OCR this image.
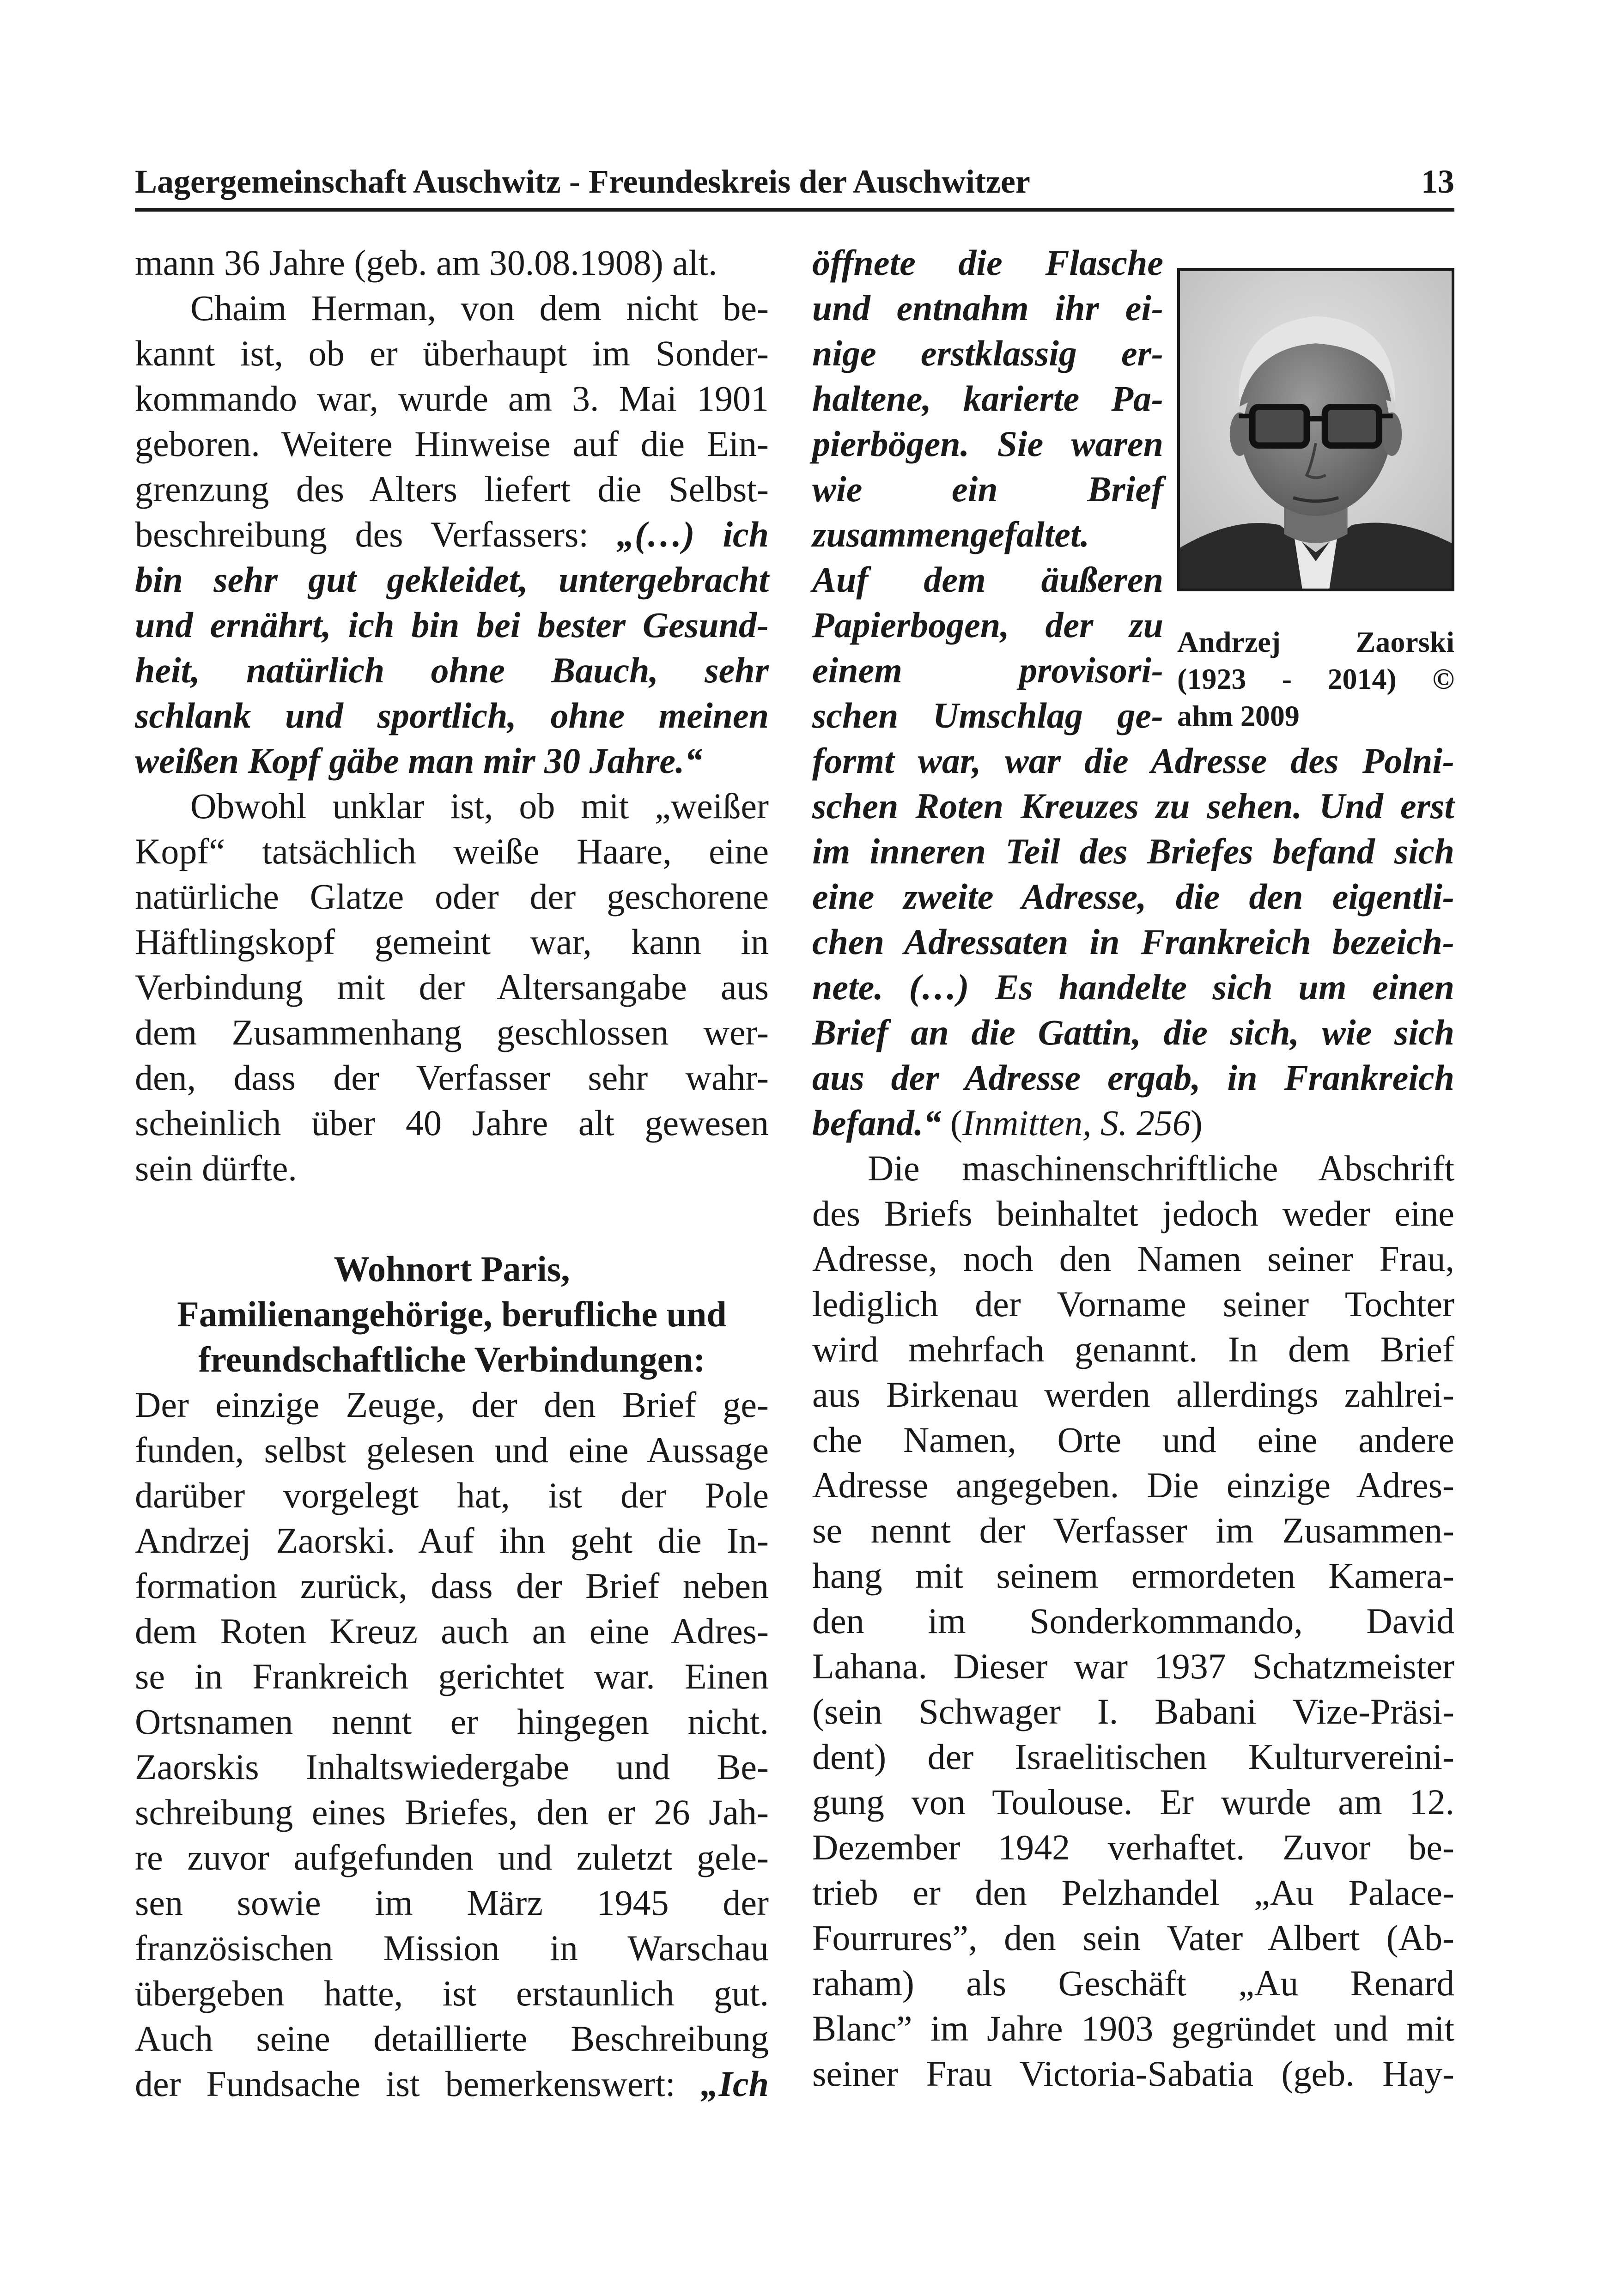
Lagergemeinschaft Auschwitz - Freundeskreis der Auschwitzer	13
mann 36 Jahre (geb. am 30.08.1908) alt.
Chaim Herman, von dem nicht be-
kannt ist, ob er überhaupt im Sonder-
kommando war, wurde am 3. Mai 1901
geboren. Weitere Hinweise auf die Ein-
grenzung des Alters liefert die Selbst-
beschreibung des Verfassers: „(…) ich
bin sehr gut gekleidet, untergebracht
und ernährt, ich bin bei bester Gesund-
heit, natürlich ohne Bauch, sehr
schlank und sportlich, ohne meinen
weißen Kopf gäbe man mir 30 Jahre.“
Obwohl unklar ist, ob mit „weißer
Kopf“ tatsächlich weiße Haare, eine
natürliche Glatze oder der geschorene
Häftlingskopf gemeint war, kann in
Verbindung mit der Altersangabe aus
dem Zusammenhang geschlossen wer-
den, dass der Verfasser sehr wahr-
scheinlich über 40 Jahre alt gewesen
sein dürfte.
Wohnort Paris,
Familienangehörige, berufliche und
freundschaftliche Verbindungen:
Der einzige Zeuge, der den Brief ge-
funden, selbst gelesen und eine Aussage
darüber vorgelegt hat, ist der Pole
Andrzej Zaorski. Auf ihn geht die In-
formation zurück, dass der Brief neben
dem Roten Kreuz auch an eine Adres-
se in Frankreich gerichtet war. Einen
Ortsnamen nennt er hingegen nicht.
Zaorskis Inhaltswiedergabe und Be-
schreibung eines Briefes, den er 26 Jah-
re zuvor aufgefunden und zuletzt gele-
sen sowie im März 1945 der
französischen Mission in Warschau
übergeben hatte, ist erstaunlich gut.
Auch seine detaillierte Beschreibung
der Fundsache ist bemerkenswert: „Ich
öffnete die Flasche
und entnahm ihr ei-
nige erstklassig er-
haltene, karierte Pa-
pierbögen. Sie waren
wie ein Brief
zusammengefaltet.
Auf dem äußeren
Papierbogen, der zu
einem provisori-
schen Umschlag ge-
formt war, war die Adresse des Polni-
schen Roten Kreuzes zu sehen. Und erst
im inneren Teil des Briefes befand sich
eine zweite Adresse, die den eigentli-
chen Adressaten in Frankreich bezeich-
nete. (…) Es handelte sich um einen
Brief an die Gattin, die sich, wie sich
aus der Adresse ergab, in Frankreich
befand.“ (Inmitten, S. 256)
Die maschinenschriftliche Abschrift
des Briefs beinhaltet jedoch weder eine
Adresse, noch den Namen seiner Frau,
lediglich der Vorname seiner Tochter
wird mehrfach genannt. In dem Brief
aus Birkenau werden allerdings zahlrei-
che Namen, Orte und eine andere
Adresse angegeben. Die einzige Adres-
se nennt der Verfasser im Zusammen-
hang mit seinem ermordeten Kamera-
den im Sonderkommando, David
Lahana. Dieser war 1937 Schatzmeister
(sein Schwager I. Babani Vize-Präsi-
dent) der Israelitischen Kulturvereini-
gung von Toulouse. Er wurde am 12.
Dezember 1942 verhaftet. Zuvor be-
trieb er den Pelzhandel „Au Palace-
Fourrures”, den sein Vater Albert (Ab-
raham) als Geschäft „Au Renard
Blanc” im Jahre 1903 gegründet und mit
seiner Frau Victoria-Sabatia (geb. Hay-
Andrzej Zaorski
(1923 - 2014) ©
ahm 2009
